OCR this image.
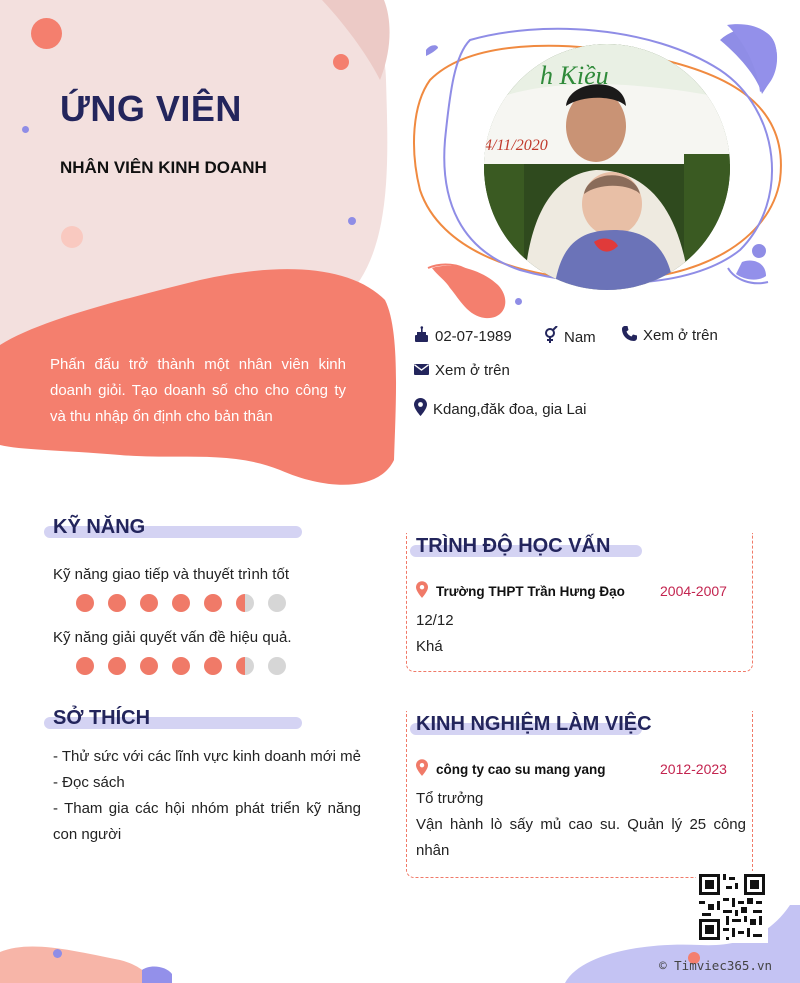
ỨNG VIÊN
NHÂN VIÊN KINH DOANH
Phấn đấu trở thành một nhân viên kinh doanh giỏi. Tạo doanh số cho cho công ty và thu nhập ổn định cho bản thân
h Kiều
4/11/2020
02-07-1989	Nam	Xem ở trên
Xem ở trên
Kdang,đăk đoa, gia Lai
KỸ NĂNG
Kỹ năng giao tiếp và thuyết trình tốt
Kỹ năng giải quyết vấn đề hiệu quả.
SỞ THÍCH
- Thử sức với các lĩnh vực kinh doanh mới mẻ
- Đọc sách
- Tham gia các hội nhóm phát triển kỹ năng con người
TRÌNH ĐỘ HỌC VẤN
Trường THPT Trần Hưng Đạo	2004-2007
12/12
Khá
KINH NGHIỆM LÀM VIỆC
công ty cao su mang yang	2012-2023
Tổ trưởng
Vận hành lò sấy mủ cao su. Quản lý 25 công nhân
© Timviec365.vn
